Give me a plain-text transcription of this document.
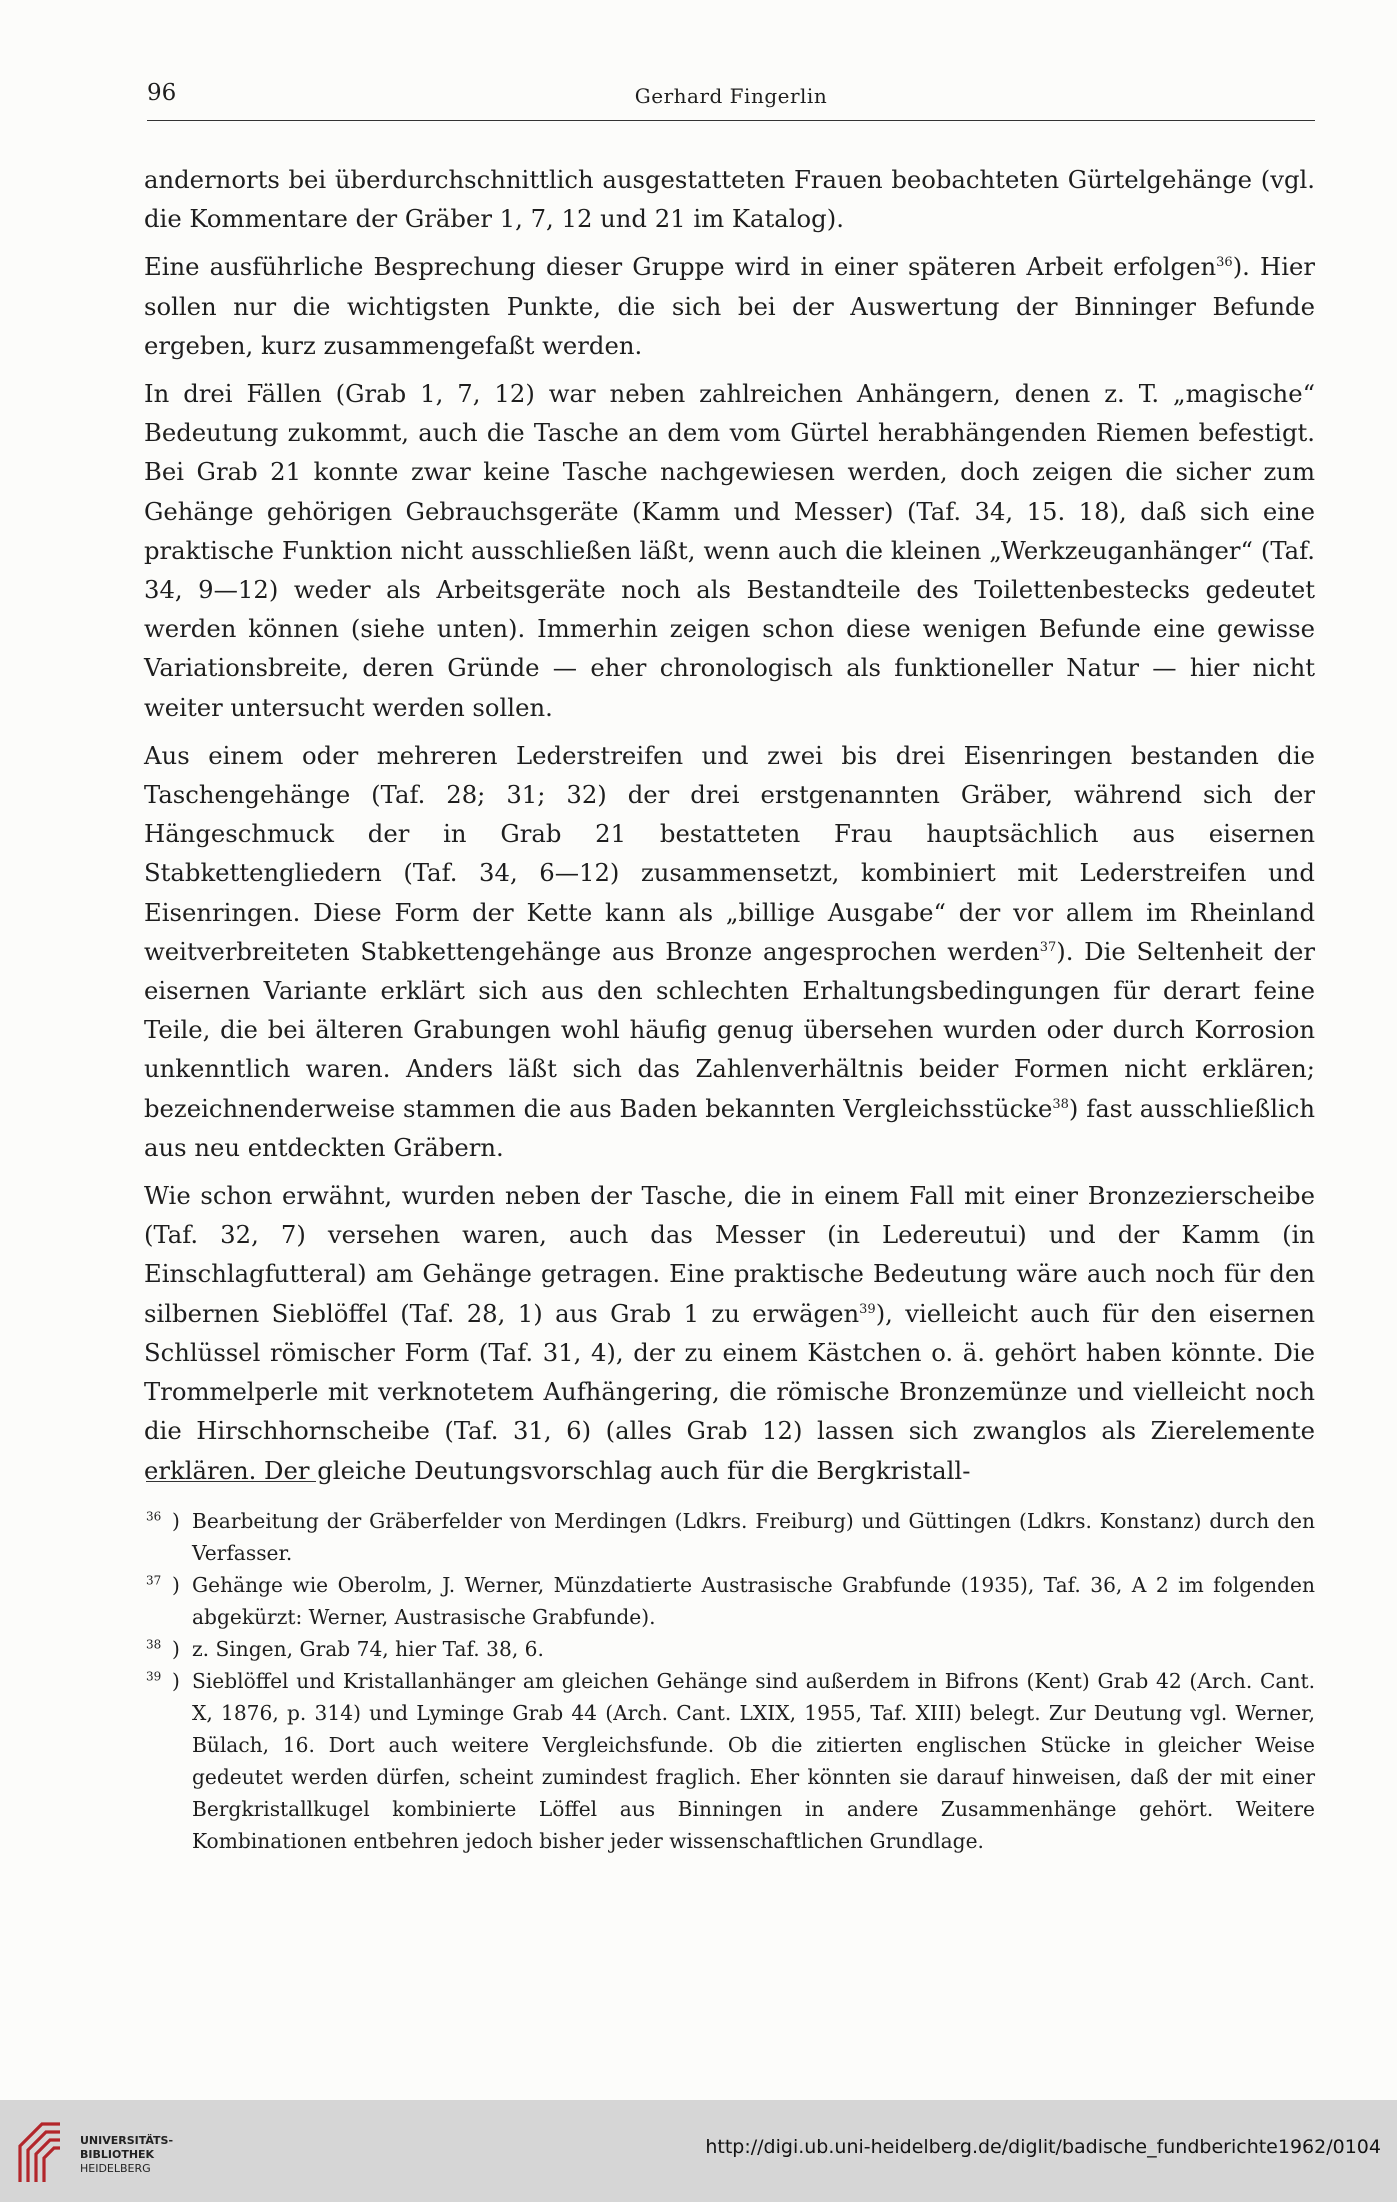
96	Gerhard Fingerlin

andernorts bei überdurchschnittlich ausgestatteten Frauen beobachteten Gürtelgehänge (vgl. die Kommentare der Gräber 1, 7, 12 und 21 im Katalog).

Eine ausführliche Besprechung dieser Gruppe wird in einer späteren Arbeit erfolgen$^{36}$). Hier sollen nur die wichtigsten Punkte, die sich bei der Auswertung der Binninger Befunde ergeben, kurz zusammengefaßt werden.

In drei Fällen (Grab 1, 7, 12) war neben zahlreichen Anhängern, denen z. T. „magische“ Bedeutung zukommt, auch die Tasche an dem vom Gürtel herabhängenden Riemen befestigt. Bei Grab 21 konnte zwar keine Tasche nachgewiesen werden, doch zeigen die sicher zum Gehänge gehörigen Gebrauchsgeräte (Kamm und Messer) (Taf. 34, 15. 18), daß sich eine praktische Funktion nicht ausschließen läßt, wenn auch die kleinen „Werkzeuganhänger“ (Taf. 34, 9—12) weder als Arbeitsgeräte noch als Bestandteile des Toilettenbestecks gedeutet werden können (siehe unten). Immerhin zeigen schon diese wenigen Befunde eine gewisse Variationsbreite, deren Gründe — eher chronologisch als funktioneller Natur — hier nicht weiter untersucht werden sollen.

Aus einem oder mehreren Lederstreifen und zwei bis drei Eisenringen bestanden die Taschengehänge (Taf. 28; 31; 32) der drei erstgenannten Gräber, während sich der Hängeschmuck der in Grab 21 bestatteten Frau hauptsächlich aus eisernen Stabkettengliedern (Taf. 34, 6—12) zusammensetzt, kombiniert mit Lederstreifen und Eisenringen. Diese Form der Kette kann als „billige Ausgabe“ der vor allem im Rheinland weitverbreiteten Stabkettengehänge aus Bronze angesprochen werden$^{37}$). Die Seltenheit der eisernen Variante erklärt sich aus den schlechten Erhaltungsbedingungen für derart feine Teile, die bei älteren Grabungen wohl häufig genug übersehen wurden oder durch Korrosion unkenntlich waren. Anders läßt sich das Zahlenverhältnis beider Formen nicht erklären; bezeichnenderweise stammen die aus Baden bekannten Vergleichsstücke$^{38}$) fast ausschließlich aus neu entdeckten Gräbern.

Wie schon erwähnt, wurden neben der Tasche, die in einem Fall mit einer Bronzezierscheibe (Taf. 32, 7) versehen waren, auch das Messer (in Ledereutui) und der Kamm (in Einschlagfutteral) am Gehänge getragen. Eine praktische Bedeutung wäre auch noch für den silbernen Sieblöffel (Taf. 28, 1) aus Grab 1 zu erwägen$^{39}$), vielleicht auch für den eisernen Schlüssel römischer Form (Taf. 31, 4), der zu einem Kästchen o. ä. gehört haben könnte. Die Trommelperle mit verknotetem Aufhängering, die römische Bronzemünze und vielleicht noch die Hirschhornscheibe (Taf. 31, 6) (alles Grab 12) lassen sich zwanglos als Zierelemente erklären. Der gleiche Deutungsvorschlag auch für die Bergkristall-

$^{36}$ ) Bearbeitung der Gräberfelder von Merdingen (Ldkrs. Freiburg) und Güttingen (Ldkrs. Konstanz) durch den Verfasser.
$^{37}$ ) Gehänge wie Oberolm, J. Werner, Münzdatierte Austrasische Grabfunde (1935), Taf. 36, A 2 im folgenden abgekürzt: Werner, Austrasische Grabfunde).
$^{38}$ ) z. Singen, Grab 74, hier Taf. 38, 6.
$^{39}$ ) Sieblöffel und Kristallanhänger am gleichen Gehänge sind außerdem in Bifrons (Kent) Grab 42 (Arch. Cant. X, 1876, p. 314) und Lyminge Grab 44 (Arch. Cant. LXIX, 1955, Taf. XIII) belegt. Zur Deutung vgl. Werner, Bülach, 16. Dort auch weitere Vergleichsfunde. Ob die zitierten englischen Stücke in gleicher Weise gedeutet werden dürfen, scheint zumindest fraglich. Eher könnten sie darauf hinweisen, daß der mit einer Bergkristallkugel kombinierte Löffel aus Binningen in andere Zusammenhänge gehört. Weitere Kombinationen entbehren jedoch bisher jeder wissenschaftlichen Grundlage.
UNIVERSITÄTS-
BIBLIOTHEK
HEIDELBERG
http://digi.ub.uni-heidelberg.de/diglit/badische_fundberichte1962/0104
